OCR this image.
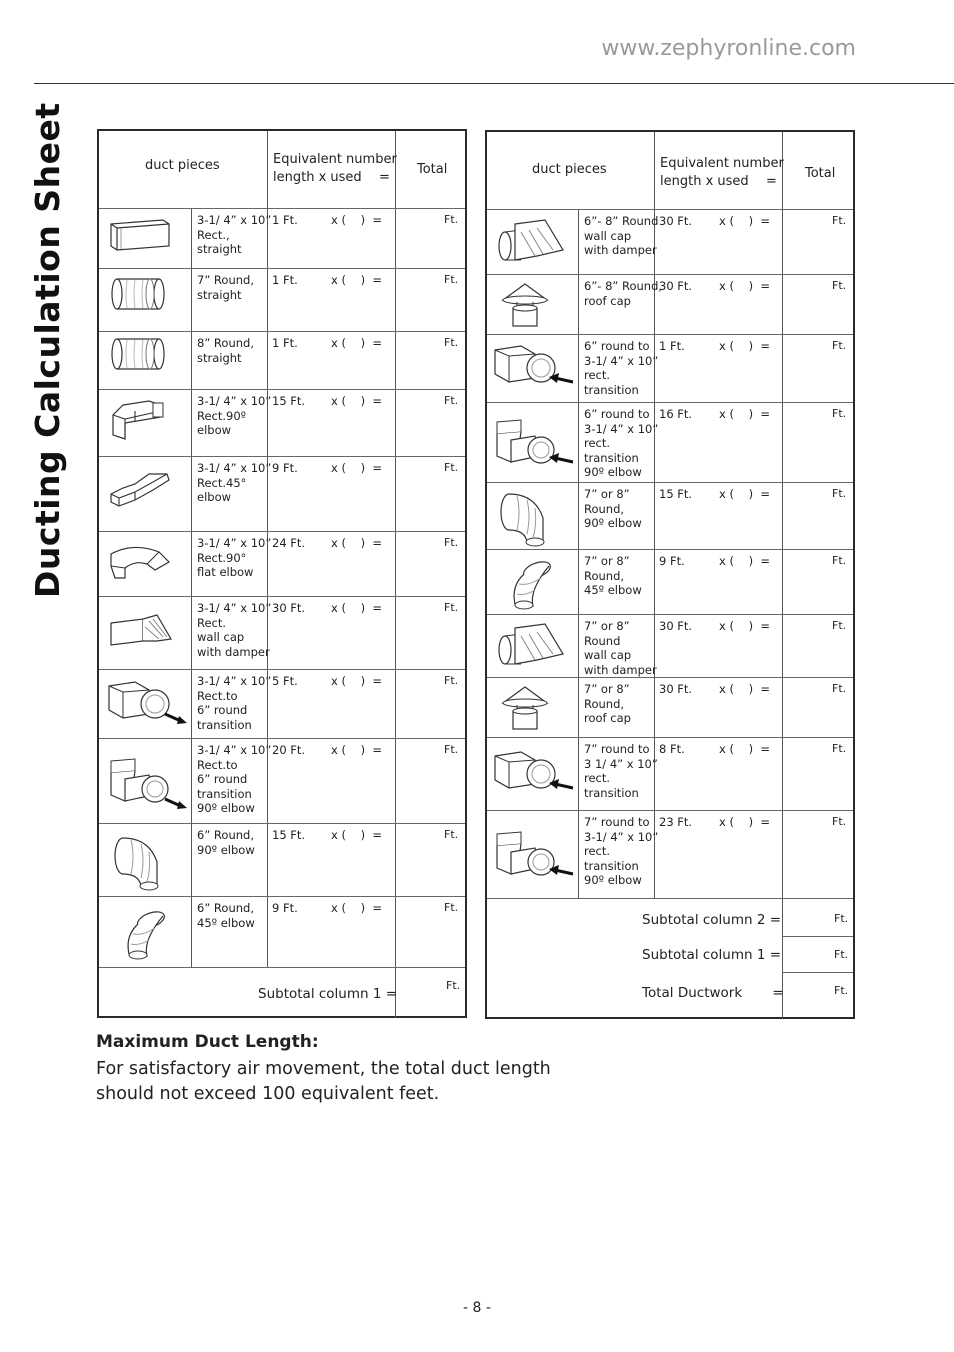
www.zephyronline.com
Ducting Calculation Sheet	duct pieces	Equivalent number
length x used =
Total
3-1/ 4” x 10”
Rect.,
straight
1 Ft.	x (    )  =	Ft.
7” Round,
straight
1 Ft.	x (    )  =	Ft.
8” Round,
straight
1 Ft.	x (    )  =	Ft.
3-1/ 4” x 10”
Rect.90º
elbow
15 Ft. x (    )  =	Ft.
3-1/ 4” x 10”
Rect.45°
elbow
9 Ft.	x (    )  =	Ft.
3-1/ 4” x 10”
Rect.90°
flat elbow
24 Ft. x (    )  =	Ft.
3-1/ 4” x 10”
Rect.
wall cap
with damper
30 Ft. x (    )  =	Ft.
3-1/ 4” x 10”
Rect.to
6” round
transition
5 Ft.	x (    )  =	Ft.
3-1/ 4” x 10”
Rect.to
6” round
transition
90º elbow
20 Ft. x (    )  =	Ft.
6” Round,
90º elbow
15 Ft. x (    )  =	Ft.
6” Round,
45º elbow
9 Ft.	x (    )  =	Ft.
Subtotal column 1 =
Ft.
duct pieces	Equivalent number
length x used =
Total
6”- 8” Round
wall cap
with damper
30 Ft. x (    )  =	Ft.
6”- 8” Round,
roof cap
30 Ft. x (    )  =	Ft.
6” round to
3-1/ 4” x 10”
rect.
transition
1 Ft.	x (    )  =	Ft.
6” round to
3-1/ 4” x 10”
rect.
transition
90º elbow
16 Ft. x (    )  =	Ft.
7” or 8”
Round,
90º elbow
15 Ft. x (    )  =	Ft.
7” or 8”
Round,
45º elbow
9 Ft.	x (    )  =	Ft.
7” or 8”
Round
wall cap
with damper
30 Ft. x (    )  =	Ft.
7” or 8”
Round,
roof cap
30 Ft. x (    )  =	Ft.
7” round to
3 1/ 4” x 10”
rect.
transition
8 Ft.	x (    )  =	Ft.
7” round to
3-1/ 4” x 10”
rect.
transition
90º elbow
23 Ft. x (    )  =	Ft.
Subtotal column 2 =
Subtotal column 1 =
Total Ductwork       =
Ft.
Ft.
Ft.
Maximum Duct Length:
For satisfactory air movement, the total duct length should not exceed 100 equivalent feet.
- 8 -
